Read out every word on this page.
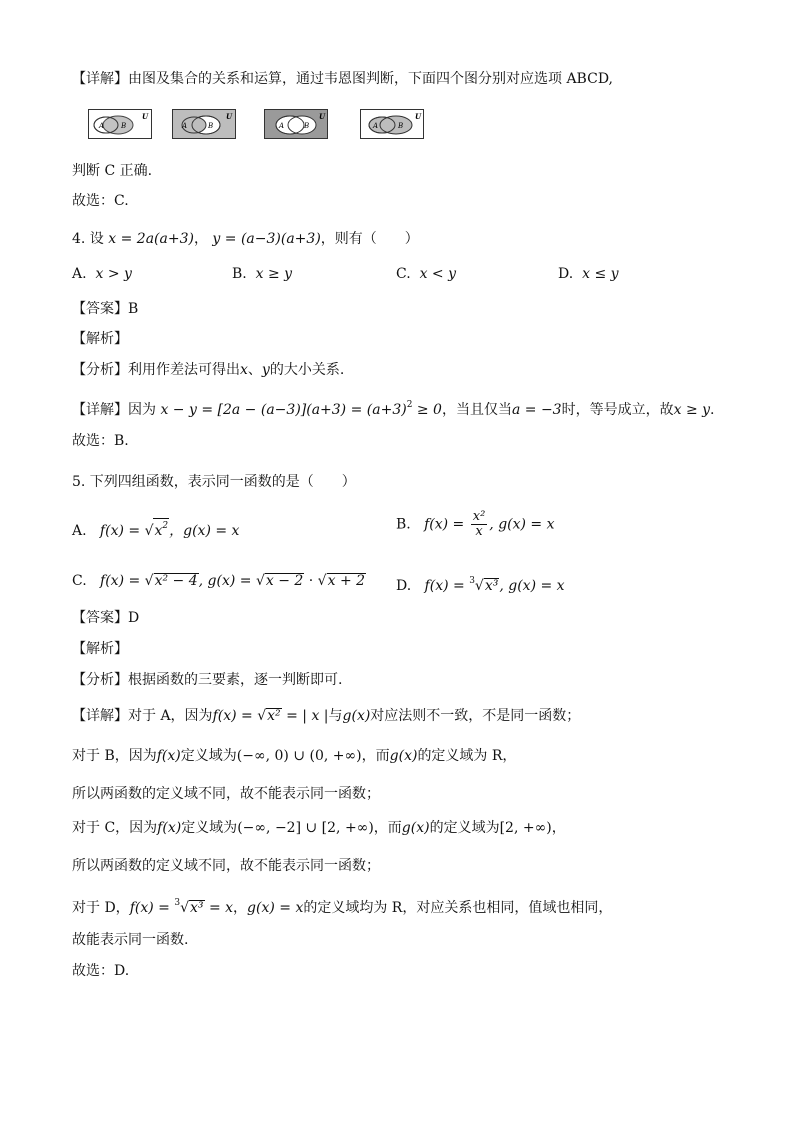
【详解】由图及集合的关系和运算，通过韦恩图判断，下面四个图分别对应选项 ABCD,
A B
U
A	B
U
A	B
U
A	B
U
判断 C 正确.
故选：C.
4. 设 x = 2a(a+3)， y = (a−3)(a+3)，则有（　　）
A. x > y	B. x ≥ y	C. x < y	D. x ≤ y
【答案】B
【解析】
【分析】利用作差法可得出x、y的大小关系.
【详解】因为 $x - y = [2a - (a-3)](a+3) = (a+3)^2 \ge 0$，当且仅当a = −3时，等号成立，故x ≥ y.
故选：B.
5. 下列四组函数，表示同一函数的是（　　）
A. $f(x) = √x^2$，g(x) = x	B. $f(x) = \frac{\text{x²}}{x}$ , g(x) = x
C. f(x) = √x² − 4, g(x) = √x − 2 · √x + 2 D. f(x) = $^3$√x³, g(x) = x
【答案】D
【解析】
【分析】根据函数的三要素，逐一判断即可.
【详解】对于 A，因为f(x) = √x² = | x |与g(x)对应法则不一致，不是同一函数；
对于 B，因为f(x)定义域为(−∞, 0) ∪ (0, +∞)，而g(x)的定义域为 R，
所以两函数的定义域不同，故不能表示同一函数；
对于 C，因为f(x)定义域为(−∞, −2] ∪ [2, +∞)，而g(x)的定义域为[2, +∞)，
所以两函数的定义域不同，故不能表示同一函数；
对于 D，f(x) = $^3$√x³ = x，g(x) = x的定义域均为 R，对应关系也相同，值域也相同，
故能表示同一函数.
故选：D.
